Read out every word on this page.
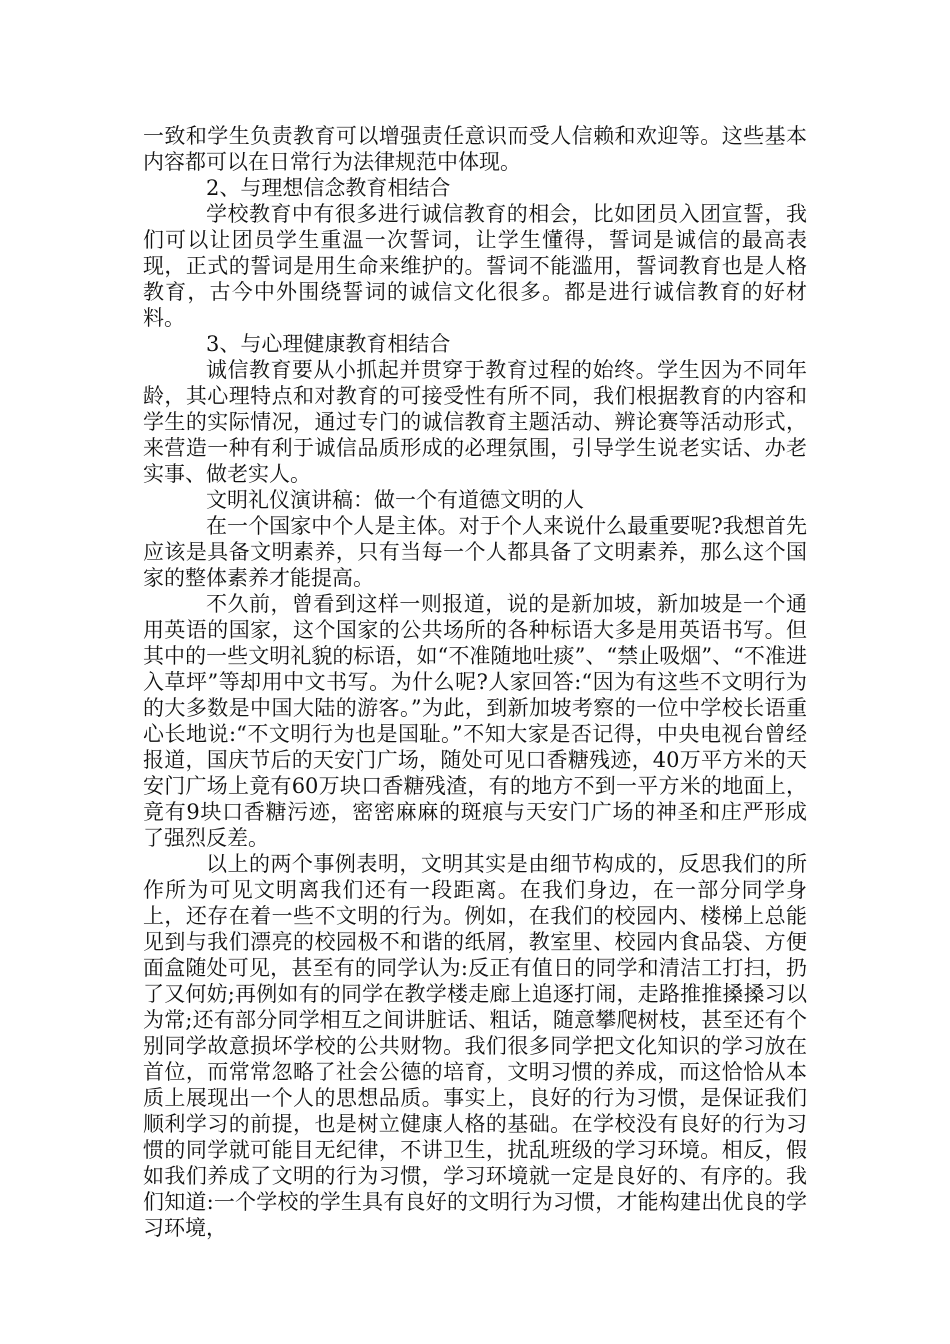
一致和学生负责教育可以增强责任意识而受人信赖和欢迎等。这些基本内容都可以在日常行为法律规范中体现。

2、与理想信念教育相结合

学校教育中有很多进行诚信教育的相会，比如团员入团宣誓，我们可以让团员学生重温一次誓词，让学生懂得，誓词是诚信的最高表现，正式的誓词是用生命来维护的。誓词不能滥用，誓词教育也是人格教育，古今中外围绕誓词的诚信文化很多。都是进行诚信教育的好材料。

3、与心理健康教育相结合

诚信教育要从小抓起并贯穿于教育过程的始终。学生因为不同年龄，其心理特点和对教育的可接受性有所不同，我们根据教育的内容和学生的实际情况，通过专门的诚信教育主题活动、辨论赛等活动形式，来营造一种有利于诚信品质形成的必理氛围，引导学生说老实话、办老实事、做老实人。

文明礼仪演讲稿：做一个有道德文明的人

在一个国家中个人是主体。对于个人来说什么最重要呢?我想首先应该是具备文明素养，只有当每一个人都具备了文明素养，那么这个国家的整体素养才能提高。

不久前，曾看到这样一则报道，说的是新加坡，新加坡是一个通用英语的国家，这个国家的公共场所的各种标语大多是用英语书写。但其中的一些文明礼貌的标语，如“不准随地吐痰”、“禁止吸烟”、“不准进入草坪”等却用中文书写。为什么呢?人家回答:“因为有这些不文明行为的大多数是中国大陆的游客。”为此，到新加坡考察的一位中学校长语重心长地说:“不文明行为也是国耻。”不知大家是否记得，中央电视台曾经报道，国庆节后的天安门广场，随处可见口香糖残迹，40万平方米的天安门广场上竟有60万块口香糖残渣，有的地方不到一平方米的地面上，竟有9块口香糖污迹，密密麻麻的斑痕与天安门广场的神圣和庄严形成了强烈反差。

以上的两个事例表明，文明其实是由细节构成的，反思我们的所作所为可见文明离我们还有一段距离。在我们身边，在一部分同学身上，还存在着一些不文明的行为。例如，在我们的校园内、楼梯上总能见到与我们漂亮的校园极不和谐的纸屑，教室里、校园内食品袋、方便面盒随处可见，甚至有的同学认为:反正有值日的同学和清洁工打扫，扔了又何妨;再例如有的同学在教学楼走廊上追逐打闹，走路推推搡搡习以为常;还有部分同学相互之间讲脏话、粗话，随意攀爬树枝，甚至还有个别同学故意损坏学校的公共财物。我们很多同学把文化知识的学习放在首位，而常常忽略了社会公德的培育，文明习惯的养成，而这恰恰从本质上展现出一个人的思想品质。事实上，良好的行为习惯，是保证我们顺利学习的前提，也是树立健康人格的基础。在学校没有良好的行为习惯的同学就可能目无纪律，不讲卫生，扰乱班级的学习环境。相反，假如我们养成了文明的行为习惯，学习环境就一定是良好的、有序的。我们知道:一个学校的学生具有良好的文明行为习惯，才能构建出优良的学习环境，
